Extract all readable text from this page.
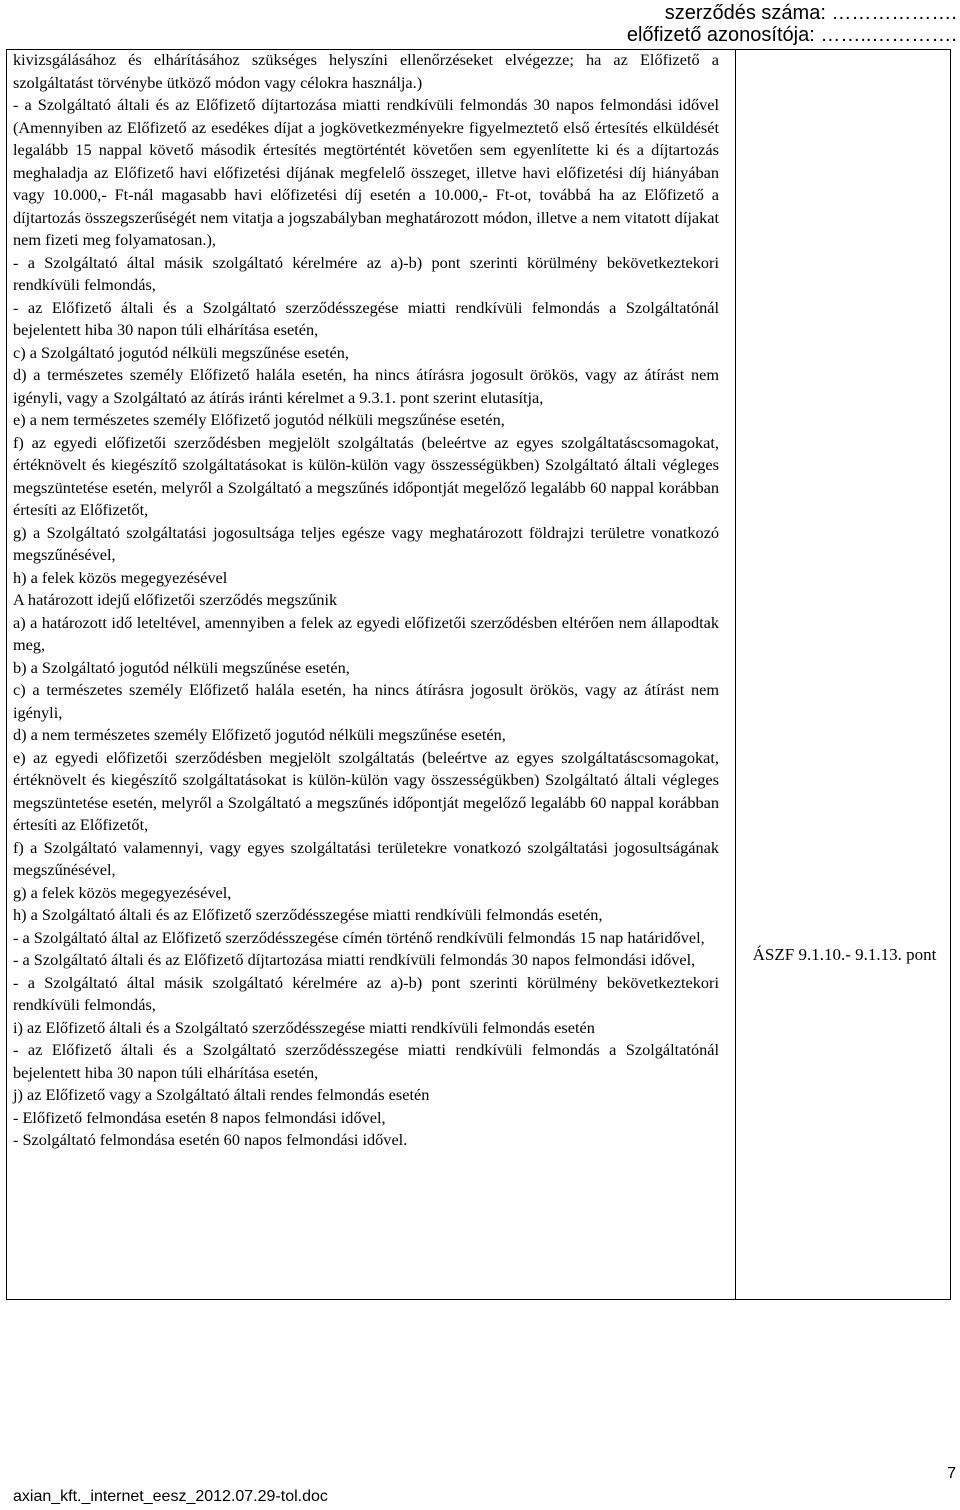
szerződés száma: ……………….
előfizető azonosítója: ……..………….

kivizsgálásához és elhárításához szükséges helyszíni ellenőrzéseket elvégezze; ha az Előfizető a szolgáltatást törvénybe ütköző módon vagy célokra használja.)

- a Szolgáltató általi és az Előfizető díjtartozása miatti rendkívüli felmondás 30 napos felmondási idővel (Amennyiben az Előfizető az esedékes díjat a jogkövetkezményekre figyelmeztető első értesítés elküldését legalább 15 nappal követő második értesítés megtörténtét követően sem egyenlítette ki és a díjtartozás meghaladja az Előfizető havi előfizetési díjának megfelelő összeget, illetve havi előfizetési díj hiányában vagy 10.000,- Ft-nál magasabb havi előfizetési díj esetén a 10.000,- Ft-ot, továbbá ha az Előfizető a díjtartozás összegszerűségét nem vitatja a jogszabályban meghatározott módon, illetve a nem vitatott díjakat nem fizeti meg folyamatosan.),

- a Szolgáltató által másik szolgáltató kérelmére az a)-b) pont szerinti körülmény bekövetkeztekori rendkívüli felmondás,

- az Előfizető általi és a Szolgáltató szerződésszegése miatti rendkívüli felmondás a Szolgáltatónál bejelentett hiba 30 napon túli elhárítása esetén,

c) a Szolgáltató jogutód nélküli megszűnése esetén,

d) a természetes személy Előfizető halála esetén, ha nincs átírásra jogosult örökös, vagy az átírást nem igényli, vagy a Szolgáltató az átírás iránti kérelmet a 9.3.1. pont szerint elutasítja,

e) a nem természetes személy Előfizető jogutód nélküli megszűnése esetén,

f) az egyedi előfizetői szerződésben megjelölt szolgáltatás (beleértve az egyes szolgáltatáscsomagokat, értéknövelt és kiegészítő szolgáltatásokat is külön-külön vagy összességükben) Szolgáltató általi végleges megszüntetése esetén, melyről a Szolgáltató a megszűnés időpontját megelőző legalább 60 nappal korábban értesíti az Előfizetőt,

g) a Szolgáltató szolgáltatási jogosultsága teljes egésze vagy meghatározott földrajzi területre vonatkozó megszűnésével,

h) a felek közös megegyezésével

A határozott idejű előfizetői szerződés megszűnik

a) a határozott idő leteltével, amennyiben a felek az egyedi előfizetői szerződésben eltérően nem állapodtak meg,

b) a Szolgáltató jogutód nélküli megszűnése esetén,

c) a természetes személy Előfizető halála esetén, ha nincs átírásra jogosult örökös, vagy az átírást nem igényli,

d) a nem természetes személy Előfizető jogutód nélküli megszűnése esetén,

e) az egyedi előfizetői szerződésben megjelölt szolgáltatás (beleértve az egyes szolgáltatáscsomagokat, értéknövelt és kiegészítő szolgáltatásokat is külön-külön vagy összességükben) Szolgáltató általi végleges megszüntetése esetén, melyről a Szolgáltató a megszűnés időpontját megelőző legalább 60 nappal korábban értesíti az Előfizetőt,

f) a Szolgáltató valamennyi, vagy egyes szolgáltatási területekre vonatkozó szolgáltatási jogosultságának megszűnésével,

g) a felek közös megegyezésével,

h) a Szolgáltató általi és az Előfizető szerződésszegése miatti rendkívüli felmondás esetén,

- a Szolgáltató által az Előfizető szerződésszegése címén történő rendkívüli felmondás 15 nap határidővel,

- a Szolgáltató általi és az Előfizető díjtartozása miatti rendkívüli felmondás 30 napos felmondási idővel,

- a Szolgáltató által másik szolgáltató kérelmére az a)-b) pont szerinti körülmény bekövetkeztekori rendkívüli felmondás,

i) az Előfizető általi és a Szolgáltató szerződésszegése miatti rendkívüli felmondás esetén

- az Előfizető általi és a Szolgáltató szerződésszegése miatti rendkívüli felmondás a Szolgáltatónál bejelentett hiba 30 napon túli elhárítása esetén,

j) az Előfizető vagy a Szolgáltató általi rendes felmondás esetén

- Előfizető felmondása esetén 8 napos felmondási idővel,

- Szolgáltató felmondása esetén 60 napos felmondási idővel.

ÁSZF 9.1.10.- 9.1.13. pont
axian_kft._internet_eesz_2012.07.29-tol.doc
7
